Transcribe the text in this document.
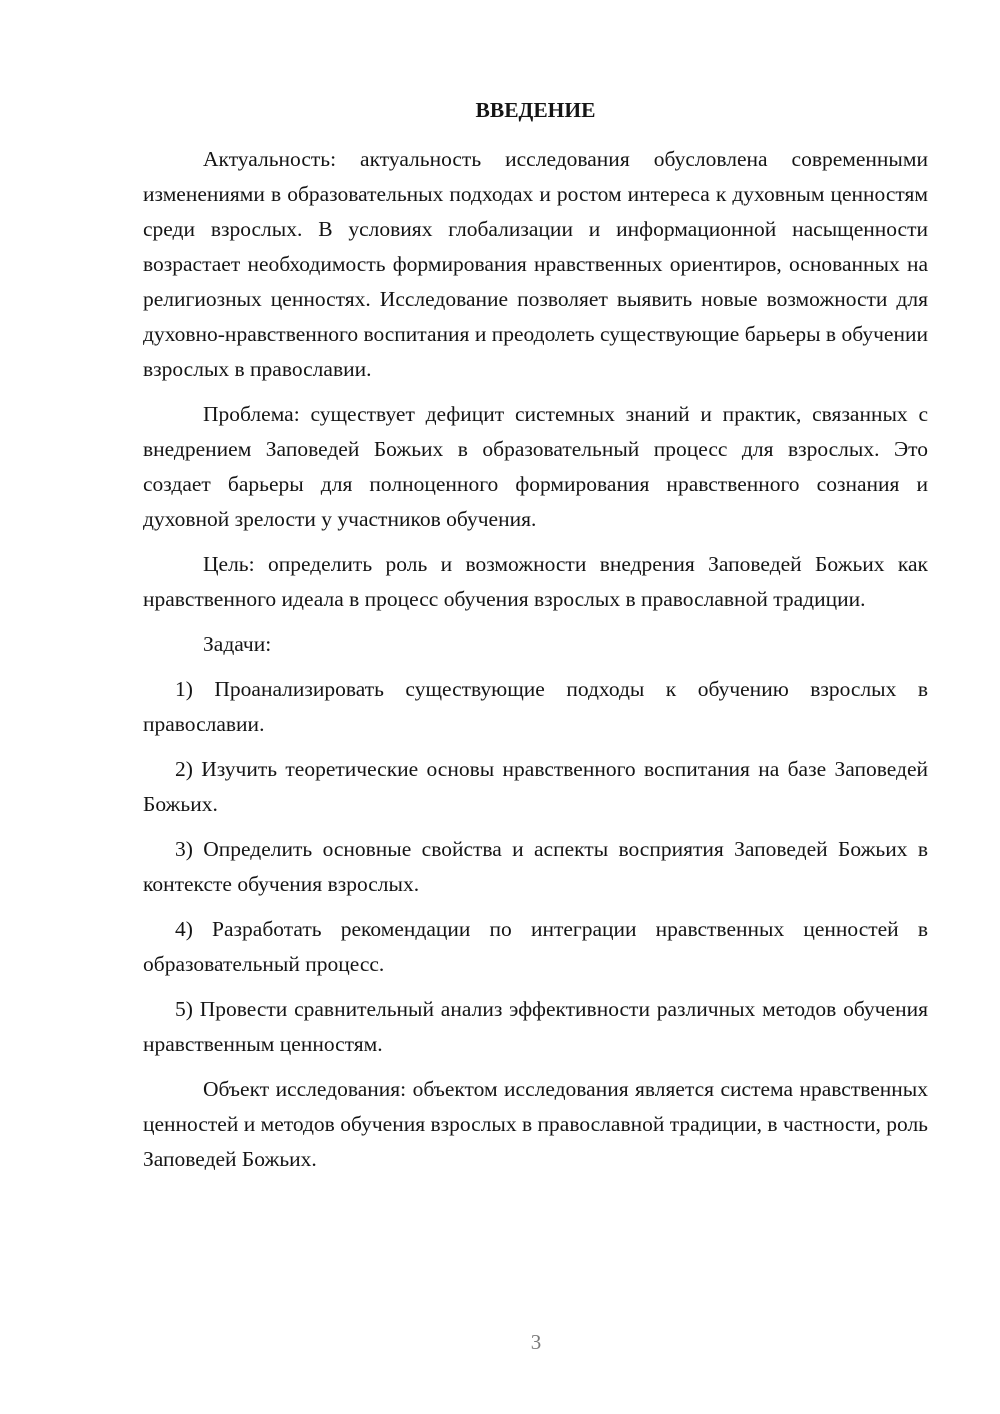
ВВЕДЕНИЕ

Актуальность: актуальность исследования обусловлена современными изменениями в образовательных подходах и ростом интереса к духовным ценностям среди взрослых. В условиях глобализации и информационной насыщенности возрастает необходимость формирования нравственных ориентиров, основанных на религиозных ценностях. Исследование позволяет выявить новые возможности для духовно-нравственного воспитания и преодолеть существующие барьеры в обучении взрослых в православии.

Проблема: существует дефицит системных знаний и практик, связанных с внедрением Заповедей Божьих в образовательный процесс для взрослых. Это создает барьеры для полноценного формирования нравственного сознания и духовной зрелости у участников обучения.

Цель: определить роль и возможности внедрения Заповедей Божьих как нравственного идеала в процесс обучения взрослых в православной традиции.

Задачи:

1) Проанализировать существующие подходы к обучению взрослых в православии.

2) Изучить теоретические основы нравственного воспитания на базе Заповедей Божьих.

3) Определить основные свойства и аспекты восприятия Заповедей Божьих в контексте обучения взрослых.

4) Разработать рекомендации по интеграции нравственных ценностей в образовательный процесс.

5) Провести сравнительный анализ эффективности различных методов обучения нравственным ценностям.

Объект исследования: объектом исследования является система нравственных ценностей и методов обучения взрослых в православной традиции, в частности, роль Заповедей Божьих.

3
